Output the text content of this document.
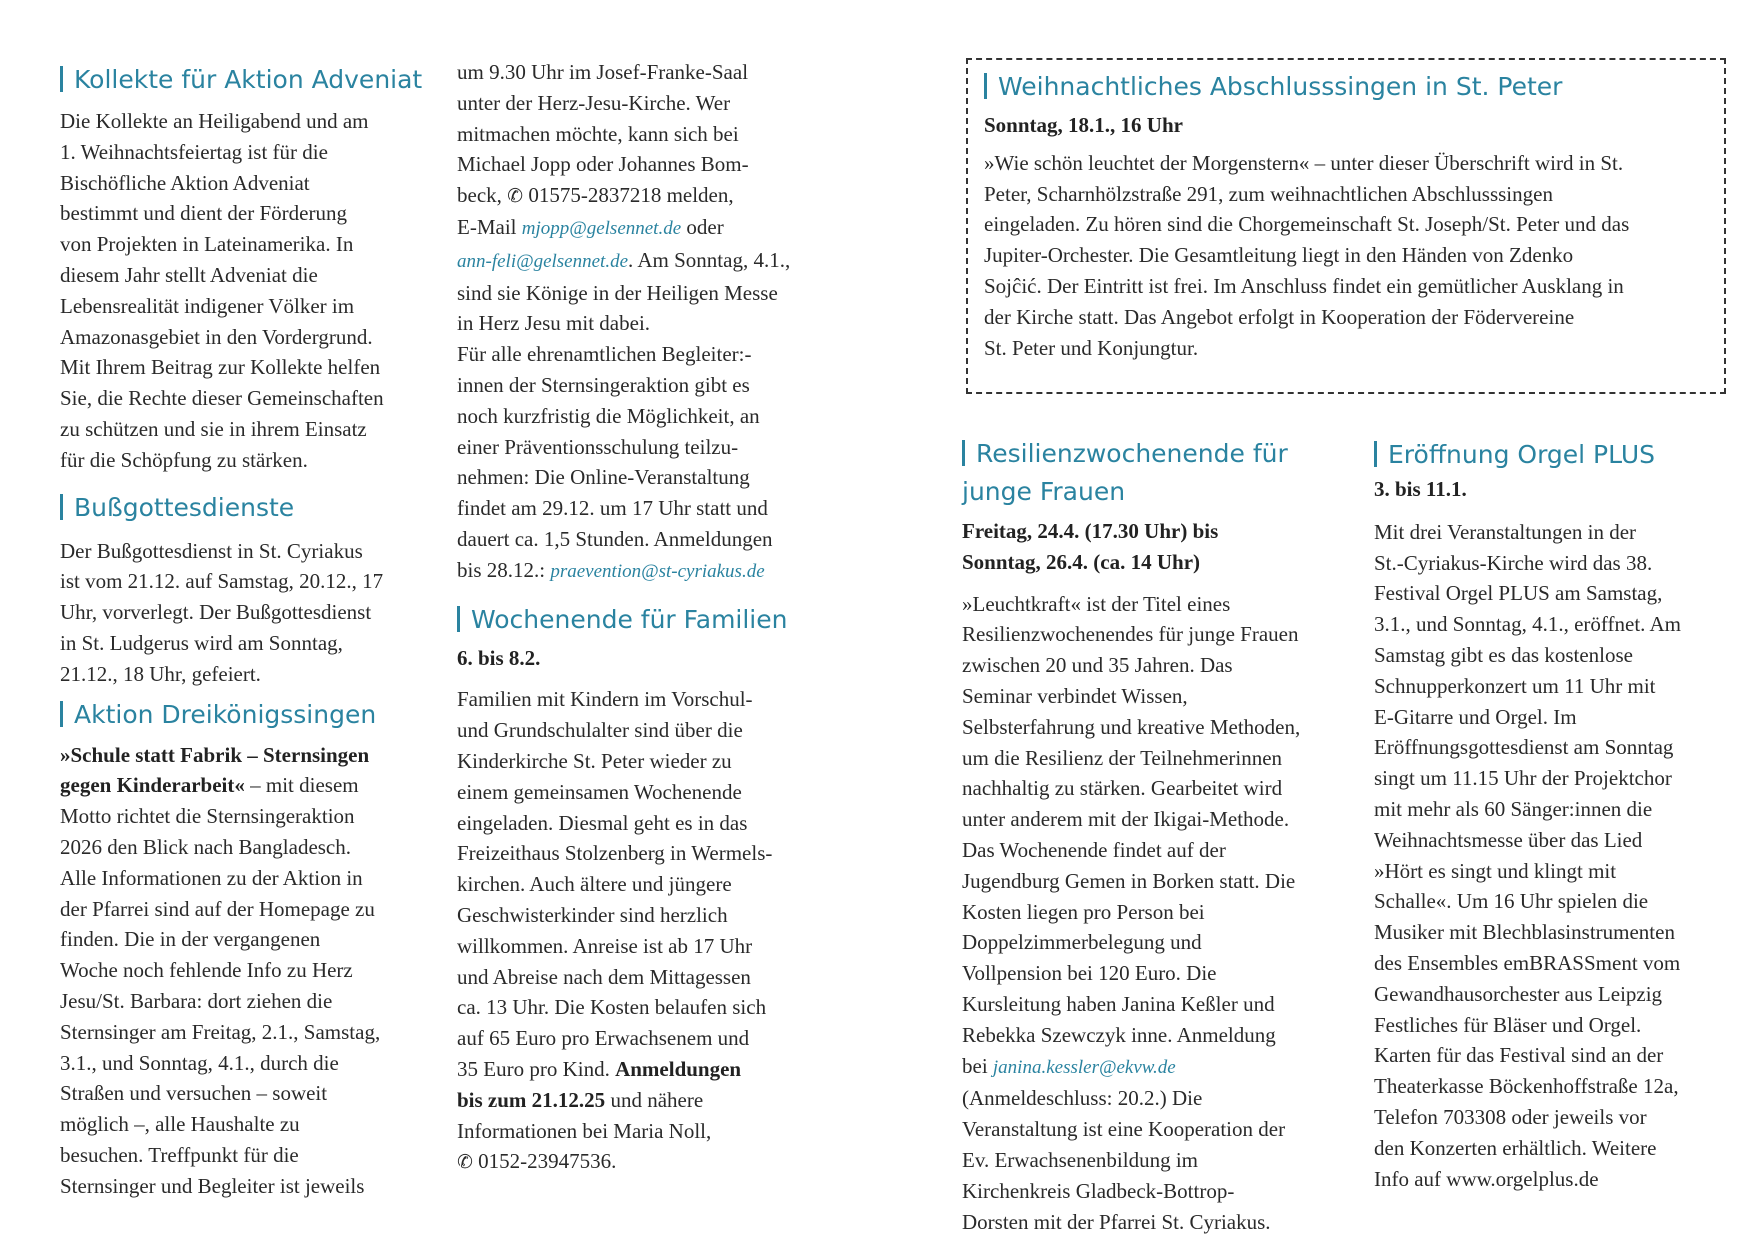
Kollekte für Aktion Adveniat

Die Kollekte an Heiligabend und am
1. Weihnachtsfeiertag ist für die
Bischöfliche Aktion Adveniat
bestimmt und dient der Förderung
von Projekten in Lateinamerika. In
diesem Jahr stellt Adveniat die
Lebensrealität indigener Völker im
Amazonasgebiet in den Vordergrund.
Mit Ihrem Beitrag zur Kollekte helfen
Sie, die Rechte dieser Gemeinschaften
zu schützen und sie in ihrem Einsatz
für die Schöpfung zu stärken.

Bußgottesdienste

Der Bußgottesdienst in St. Cyriakus
ist vom 21.12. auf Samstag, 20.12., 17
Uhr, vorverlegt. Der Bußgottesdienst
in St. Ludgerus wird am Sonntag,
21.12., 18 Uhr, gefeiert.

Aktion Dreikönigssingen

»Schule statt Fabrik – Sternsingen
gegen Kinderarbeit« – mit diesem
Motto richtet die Sternsingeraktion
2026 den Blick nach Bangladesch.
Alle Informationen zu der Aktion in
der Pfarrei sind auf der Homepage zu
finden. Die in der vergangenen
Woche noch fehlende Info zu Herz
Jesu/St. Barbara: dort ziehen die
Sternsinger am Freitag, 2.1., Samstag,
3.1., und Sonntag, 4.1., durch die
Straßen und versuchen – soweit
möglich –, alle Haushalte zu
besuchen. Treffpunkt für die
Sternsinger und Begleiter ist jeweils

um 9.30 Uhr im Josef-Franke-Saal
unter der Herz-Jesu-Kirche. Wer
mitmachen möchte, kann sich bei
Michael Jopp oder Johannes Bom-
beck, ✆ 01575-2837218 melden,
E-Mail mjopp@gelsennet.de oder
ann-feli@gelsennet.de. Am Sonntag, 4.1.,
sind sie Könige in der Heiligen Messe
in Herz Jesu mit dabei.
Für alle ehrenamtlichen Begleiter:-
innen der Sternsingeraktion gibt es
noch kurzfristig die Möglichkeit, an
einer Präventionsschulung teilzu-
nehmen: Die Online-Veranstaltung
findet am 29.12. um 17 Uhr statt und
dauert ca. 1,5 Stunden. Anmeldungen
bis 28.12.: praevention@st-cyriakus.de

Wochenende für Familien

6. bis 8.2.

Familien mit Kindern im Vorschul-
und Grundschulalter sind über die
Kinderkirche St. Peter wieder zu
einem gemeinsamen Wochenende
eingeladen. Diesmal geht es in das
Freizeithaus Stolzenberg in Wermels-
kirchen. Auch ältere und jüngere
Geschwisterkinder sind herzlich
willkommen. Anreise ist ab 17 Uhr
und Abreise nach dem Mittagessen
ca. 13 Uhr. Die Kosten belaufen sich
auf 65 Euro pro Erwachsenem und
35 Euro pro Kind. Anmeldungen
bis zum 21.12.25 und nähere
Informationen bei Maria Noll,
✆ 0152-23947536.

Weihnachtliches Abschlusssingen in St. Peter

Sonntag, 18.1., 16 Uhr

»Wie schön leuchtet der Morgenstern« – unter dieser Überschrift wird in St.
Peter, Scharnhölzstraße 291, zum weihnachtlichen Abschlusssingen
eingeladen. Zu hören sind die Chorgemeinschaft St. Joseph/St. Peter und das
Jupiter-Orchester. Die Gesamtleitung liegt in den Händen von Zdenko
Sojĉić. Der Eintritt ist frei. Im Anschluss findet ein gemütlicher Ausklang in
der Kirche statt. Das Angebot erfolgt in Kooperation der Födervereine
St. Peter und Konjungtur.

Resilienzwochenende für
junge Frauen

Freitag, 24.4. (17.30 Uhr) bis
Sonntag, 26.4. (ca. 14 Uhr)

»Leuchtkraft« ist der Titel eines
Resilienzwochenendes für junge Frauen
zwischen 20 und 35 Jahren. Das
Seminar verbindet Wissen,
Selbsterfahrung und kreative Methoden,
um die Resilienz der Teilnehmerinnen
nachhaltig zu stärken. Gearbeitet wird
unter anderem mit der Ikigai-Methode.
Das Wochenende findet auf der
Jugendburg Gemen in Borken statt. Die
Kosten liegen pro Person bei
Doppelzimmerbelegung und
Vollpension bei 120 Euro. Die
Kursleitung haben Janina Keßler und
Rebekka Szewczyk inne. Anmeldung
bei janina.kessler@ekvw.de
(Anmeldeschluss: 20.2.) Die
Veranstaltung ist eine Kooperation der
Ev. Erwachsenenbildung im
Kirchenkreis Gladbeck-Bottrop-
Dorsten mit der Pfarrei St. Cyriakus.

Eröffnung Orgel PLUS

3. bis 11.1.

Mit drei Veranstaltungen in der
St.-Cyriakus-Kirche wird das 38.
Festival Orgel PLUS am Samstag,
3.1., und Sonntag, 4.1., eröffnet. Am
Samstag gibt es das kostenlose
Schnupperkonzert um 11 Uhr mit
E-Gitarre und Orgel. Im
Eröffnungsgottesdienst am Sonntag
singt um 11.15 Uhr der Projektchor
mit mehr als 60 Sänger:innen die
Weihnachtsmesse über das Lied
»Hört es singt und klingt mit
Schalle«. Um 16 Uhr spielen die
Musiker mit Blechblasinstrumenten
des Ensembles emBRASSment vom
Gewandhausorchester aus Leipzig
Festliches für Bläser und Orgel.
Karten für das Festival sind an der
Theaterkasse Böckenhoffstraße 12a,
Telefon 703308 oder jeweils vor
den Konzerten erhältlich. Weitere
Info auf www.orgelplus.de
